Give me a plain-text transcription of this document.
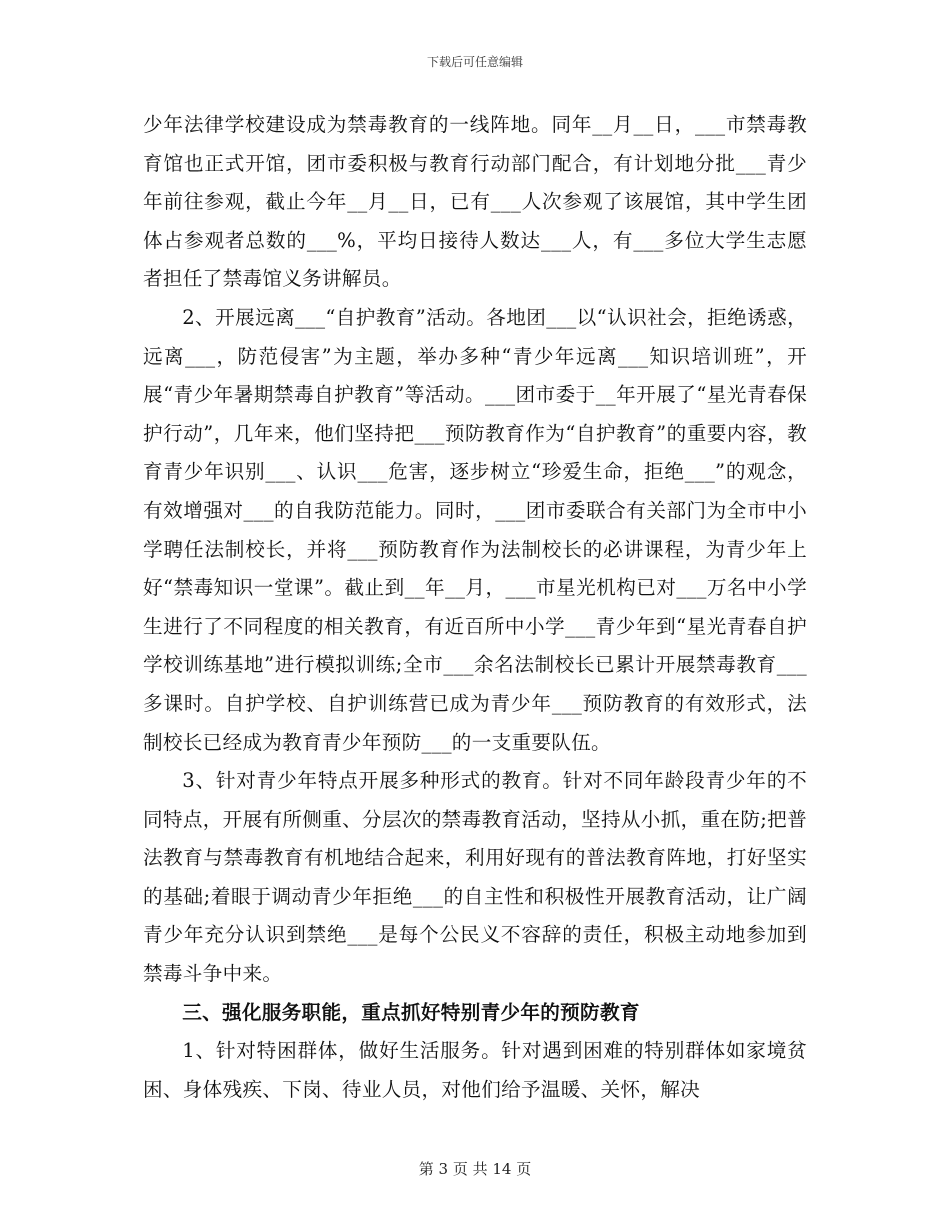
下载后可任意编辑

少年法律学校建设成为禁毒教育的一线阵地。同年__月__日，___市禁毒教育馆也正式开馆，团市委积极与教育行动部门配合，有计划地分批___青少年前往参观，截止今年__月__日，已有___人次参观了该展馆，其中学生团体占参观者总数的___%，平均日接待人数达___人，有___多位大学生志愿者担任了禁毒馆义务讲解员。

2、开展远离___“自护教育”活动。各地团___以“认识社会，拒绝诱惑，远离___，防范侵害”为主题，举办多种“青少年远离___知识培训班”，开展“青少年暑期禁毒自护教育”等活动。___团市委于__年开展了“星光青春保护行动”，几年来，他们坚持把___预防教育作为“自护教育”的重要内容，教育青少年识别___、认识___危害，逐步树立“珍爱生命，拒绝___”的观念，有效增强对___的自我防范能力。同时，___团市委联合有关部门为全市中小学聘任法制校长，并将___预防教育作为法制校长的必讲课程，为青少年上好“禁毒知识一堂课”。截止到__年__月，___市星光机构已对___万名中小学生进行了不同程度的相关教育，有近百所中小学___青少年到“星光青春自护学校训练基地”进行模拟训练;全市___余名法制校长已累计开展禁毒教育___多课时。自护学校、自护训练营已成为青少年___预防教育的有效形式，法制校长已经成为教育青少年预防___的一支重要队伍。

3、针对青少年特点开展多种形式的教育。针对不同年龄段青少年的不同特点，开展有所侧重、分层次的禁毒教育活动，坚持从小抓，重在防;把普法教育与禁毒教育有机地结合起来，利用好现有的普法教育阵地，打好坚实的基础;着眼于调动青少年拒绝___的自主性和积极性开展教育活动，让广阔青少年充分认识到禁绝___是每个公民义不容辞的责任，积极主动地参加到禁毒斗争中来。

三、强化服务职能，重点抓好特别青少年的预防教育

1、针对特困群体，做好生活服务。针对遇到困难的特别群体如家境贫困、身体残疾、下岗、待业人员，对他们给予温暖、关怀，解决

第 3 页 共 14 页
